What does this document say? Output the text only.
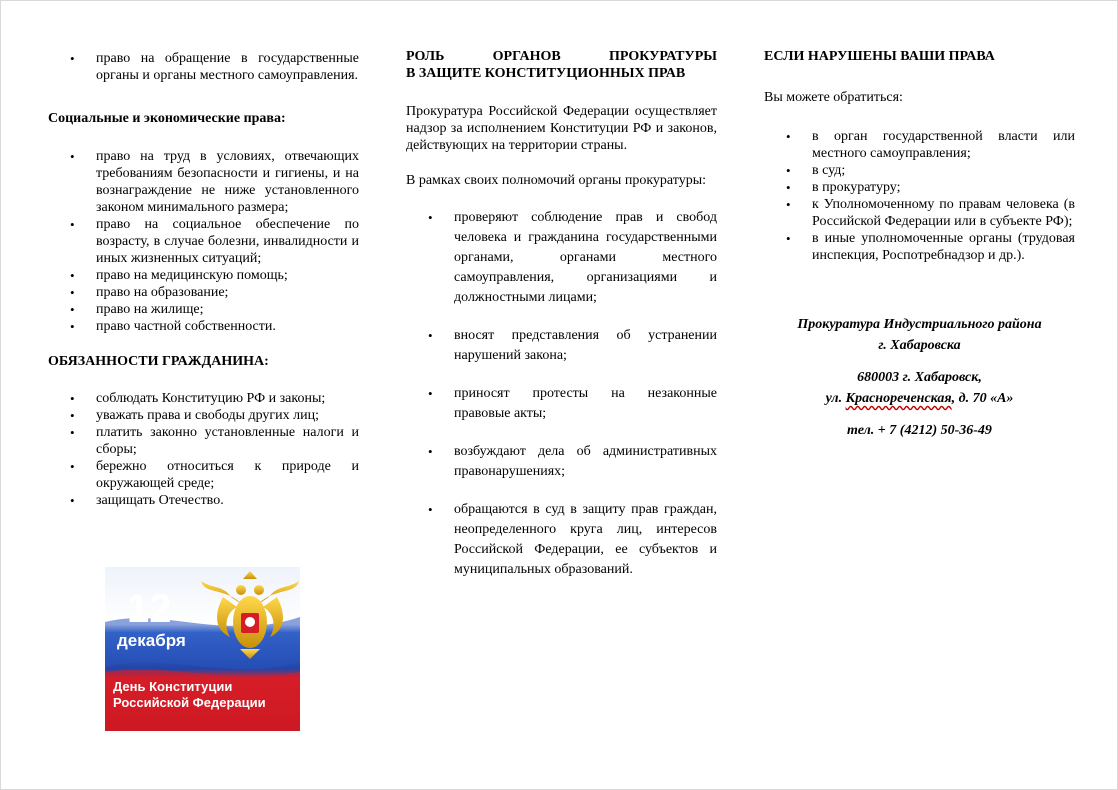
• право на обращение в государственные органы и органы местного самоуправления.
Социальные и экономические права:
• право на труд в условиях, отвечающих требованиям безопасности и гигиены, и на вознаграждение не ниже установленного законом минимального размера;
• право на социальное обеспечение по возрасту, в случае болезни, инвалидности и иных жизненных ситуаций;
• право на медицинскую помощь;
• право на образование;
• право на жилище;
• право частной собственности.
ОБЯЗАННОСТИ ГРАЖДАНИНА:
• соблюдать Конституцию РФ и законы;
• уважать права и свободы других лиц;
• платить законно установленные налоги и сборы;
• бережно относиться к природе и окружающей среде;
• защищать Отечество.
12
декабря
День Конституции
Российской Федерации
РОЛЬ ОРГАНОВ ПРОКУРАТУРЫ
В ЗАЩИТЕ КОНСТИТУЦИОННЫХ ПРАВ

Прокуратура Российской Федерации осуществляет надзор за исполнением Конституции РФ и законов, действующих на территории страны.

В рамках своих полномочий органы прокуратуры:

• проверяют соблюдение прав и свобод человека и гражданина государственными органами, органами местного самоуправления, организациями и должностными лицами;
• вносят представления об устранении нарушений закона;
• приносят протесты на незаконные правовые акты;
• возбуждают дела об административных правонарушениях;
• обращаются в суд в защиту прав граждан, неопределенного круга лиц, интересов Российской Федерации, ее субъектов и муниципальных образований.
ЕСЛИ НАРУШЕНЫ ВАШИ ПРАВА

Вы можете обратиться:

• в орган государственной власти или местного самоуправления;
• в суд;
• в прокуратуру;
• к Уполномоченному по правам человека (в Российской Федерации или в субъекте РФ);
• в иные уполномоченные органы (трудовая инспекция, Роспотребнадзор и др.).
Прокуратура Индустриального района
г. Хабаровска
680003 г. Хабаровск,
ул. Краснореченская, д. 70 «А»
тел. + 7 (4212) 50-36-49
